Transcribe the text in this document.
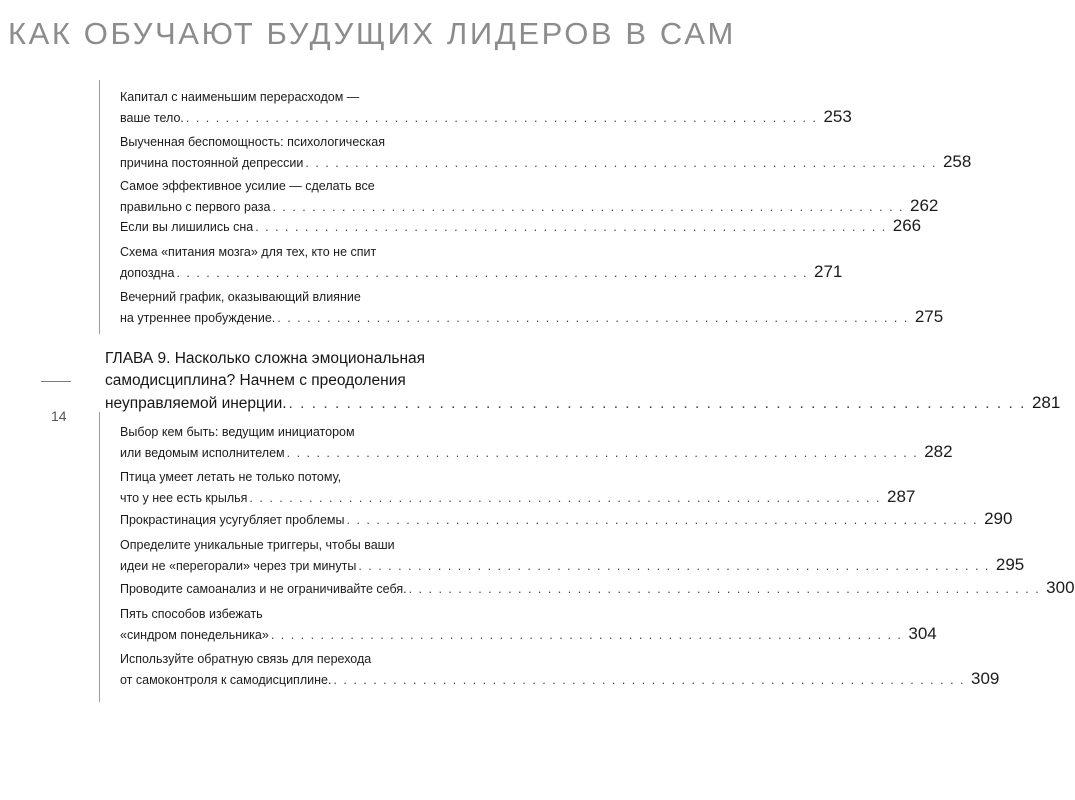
КАК ОБУЧАЮТ БУДУЩИХ ЛИДЕРОВ В САМ
14
Капитал с наименьшим перерасходом —
ваше тело. . . .	253
Выученная беспомощность: психологическая
причина постоянной депрессии . . .	258
Самое эффективное усилие — сделать все
правильно с первого раза . . .	262
Если вы лишились сна . . .	266
Схема «питания мозга» для тех, кто не спит
допоздна . . .	271
Вечерний график, оказывающий влияние
на утреннее пробуждение. . . .	275
ГЛАВА 9. Насколько сложна эмоциональная
самодисциплина? Начнем с преодоления
неуправляемой инерции. . . .	281
Выбор кем быть: ведущим инициатором
или ведомым исполнителем . . .	282
Птица умеет летать не только потому,
что у нее есть крылья . . .	287
Прокрастинация усугубляет проблемы . . .	290
Определите уникальные триггеры, чтобы ваши
идеи не «перегорали» через три минуты . . .	295
Проводите самоанализ и не ограничивайте себя. . . .	300
Пять способов избежать
«синдром понедельника» . . .	304
Используйте обратную связь для перехода
от самоконтроля к самодисциплине. . . .	309
